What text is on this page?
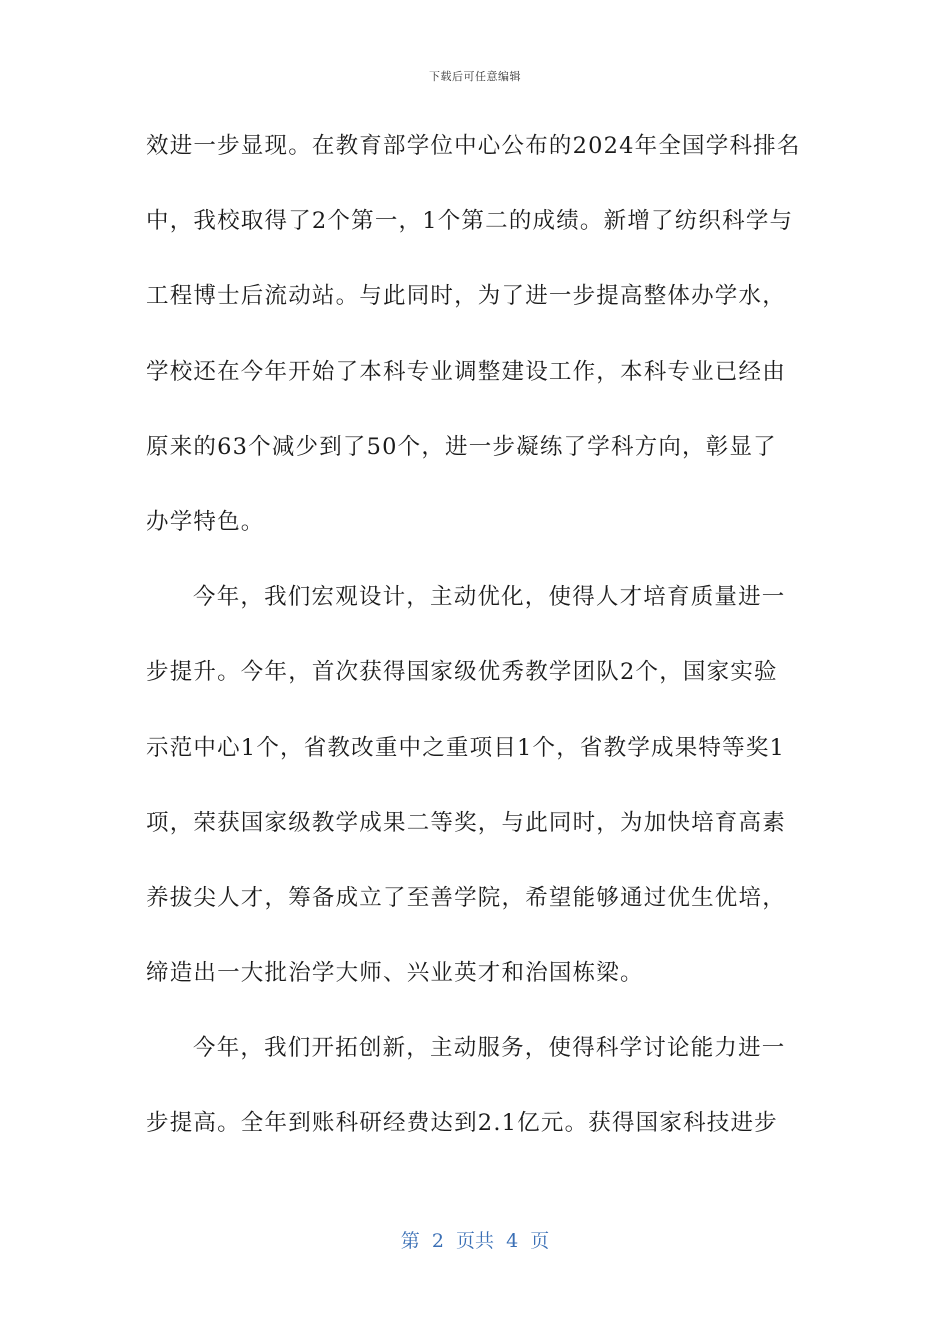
下载后可任意编辑
效进一步显现。在教育部学位中心公布的2024年全国学科排名
中，我校取得了2个第一，1个第二的成绩。新增了纺织科学与
工程博士后流动站。与此同时，为了进一步提高整体办学水，
学校还在今年开始了本科专业调整建设工作，本科专业已经由
原来的63个减少到了50个，进一步凝练了学科方向，彰显了
办学特色。
今年，我们宏观设计，主动优化，使得人才培育质量进一
步提升。今年，首次获得国家级优秀教学团队2个，国家实验
示范中心1个，省教改重中之重项目1个，省教学成果特等奖1
项，荣获国家级教学成果二等奖，与此同时，为加快培育高素
养拔尖人才，筹备成立了至善学院，希望能够通过优生优培，
缔造出一大批治学大师、兴业英才和治国栋梁。
今年，我们开拓创新，主动服务，使得科学讨论能力进一
步提高。全年到账科研经费达到2.1亿元。获得国家科技进步
第  2  页共  4  页
